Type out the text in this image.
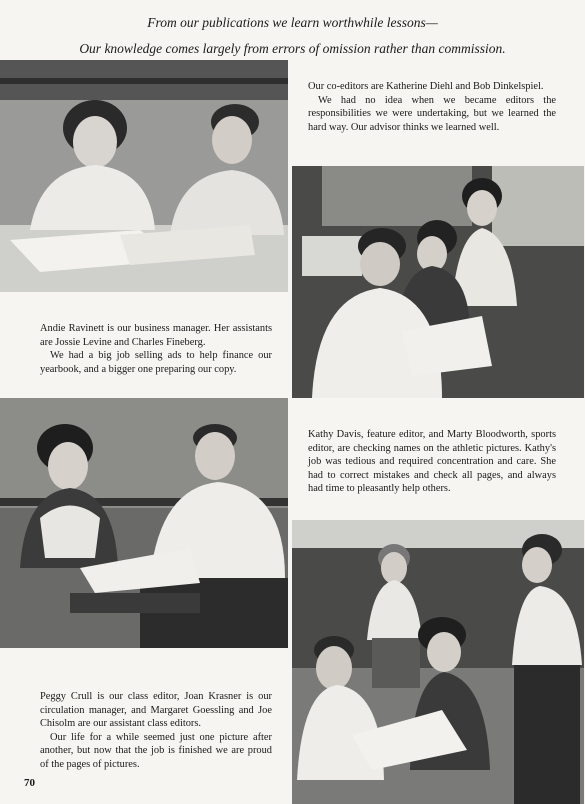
From our publications we learn worthwhile lessons—
Our knowledge comes largely from errors of omission rather than commission.

Our co-editors are Katherine Diehl and Bob Dinkelspiel.

We had no idea when we became editors the responsibilities we were undertaking, but we learned the hard way. Our advisor thinks we learned well.

Andie Ravinett is our business manager. Her assistants are Jossie Levine and Charles Fineberg.

We had a big job selling ads to help finance our yearbook, and a bigger one preparing our copy.

Kathy Davis, feature editor, and Marty Bloodworth, sports editor, are checking names on the athletic pictures. Kathy's job was tedious and required concentration and care. She had to correct mistakes and check all pages, and always had time to pleasantly help others.

Peggy Crull is our class editor, Joan Krasner is our circulation manager, and Margaret Goessling and Joe Chisolm are our assistant class editors.

Our life for a while seemed just one picture after another, but now that the job is finished we are proud of the pages of pictures.

70
